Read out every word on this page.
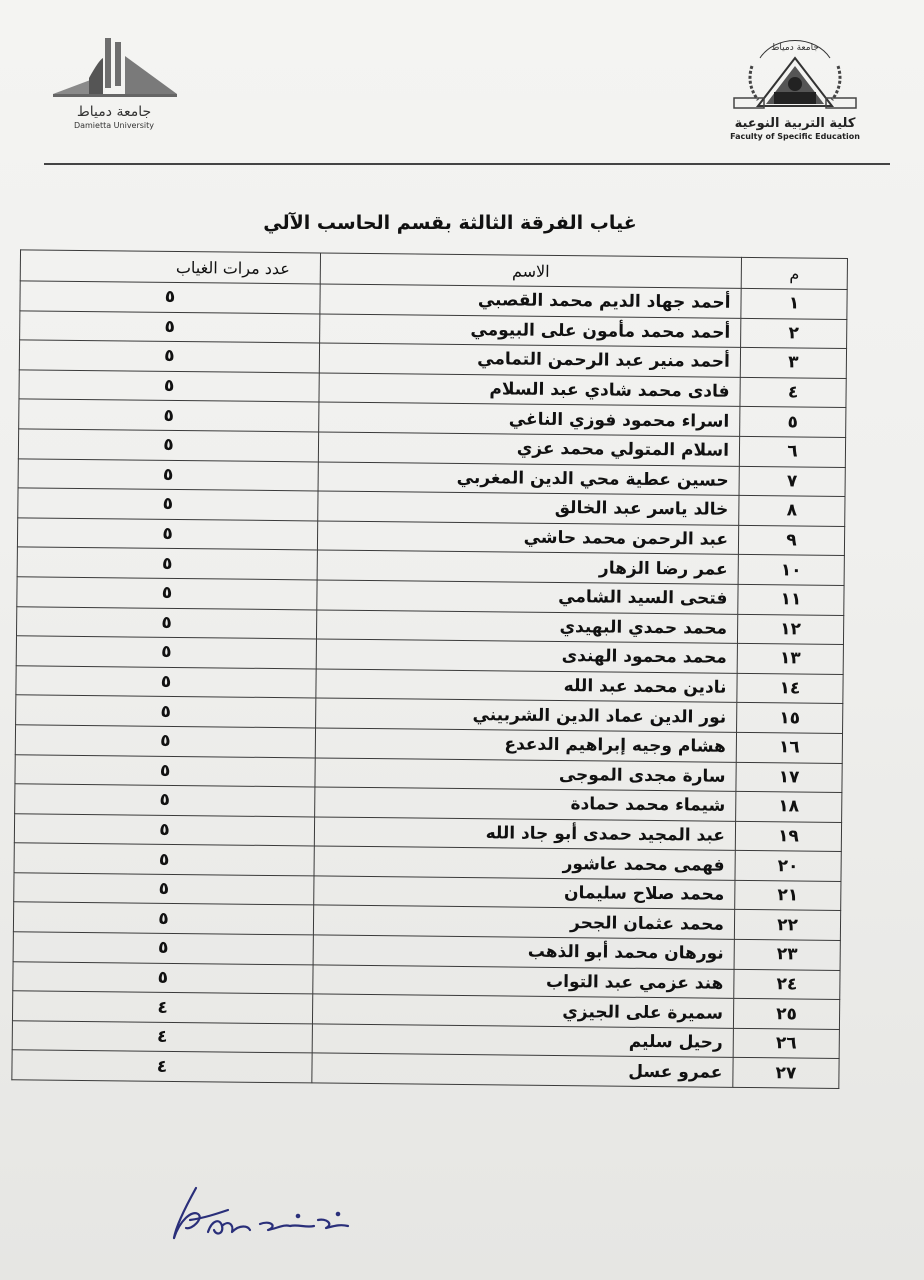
جامعة دمياط
كلية التربية النوعية
Faculty of Specific Education
جامعة دمياط
Damietta University
غياب الفرقة الثالثة بقسم الحاسب الآلي
م	الاسم	عدد مرات الغياب
١	أحمد جهاد الديم محمد القصبي	٥
٢	أحمد محمد مأمون على البيومي	٥
٣	أحمد منير عبد الرحمن التمامي	٥
٤	فادى محمد شادي عبد السلام	٥
٥	اسراء محمود فوزي الناغي	٥
٦	اسلام المتولي محمد عزي	٥
٧	حسين عطية محي الدين المغربي	٥
٨	خالد ياسر عبد الخالق	٥
٩	عبد الرحمن محمد حاشي	٥
١٠	عمر رضا الزهار	٥
١١	فتحى السيد الشامي	٥
١٢	محمد حمدي البهيدي	٥
١٣	محمد محمود الهندى	٥
١٤	نادين محمد عبد الله	٥
١٥	نور الدين عماد الدين الشربيني	٥
١٦	هشام وجيه إبراهيم الدعدع	٥
١٧	سارة مجدى الموجى	٥
١٨	شيماء محمد حمادة	٥
١٩	عبد المجيد حمدى أبو جاد الله	٥
٢٠	فهمى محمد عاشور	٥
٢١	محمد صلاح سليمان	٥
٢٢	محمد عثمان الجحر	٥
٢٣	نورهان محمد أبو الذهب	٥
٢٤	هند عزمي عبد التواب	٥
٢٥	سميرة على الجيزي	٤
٢٦	رحيل سليم	٤
٢٧	عمرو عسل	٤
